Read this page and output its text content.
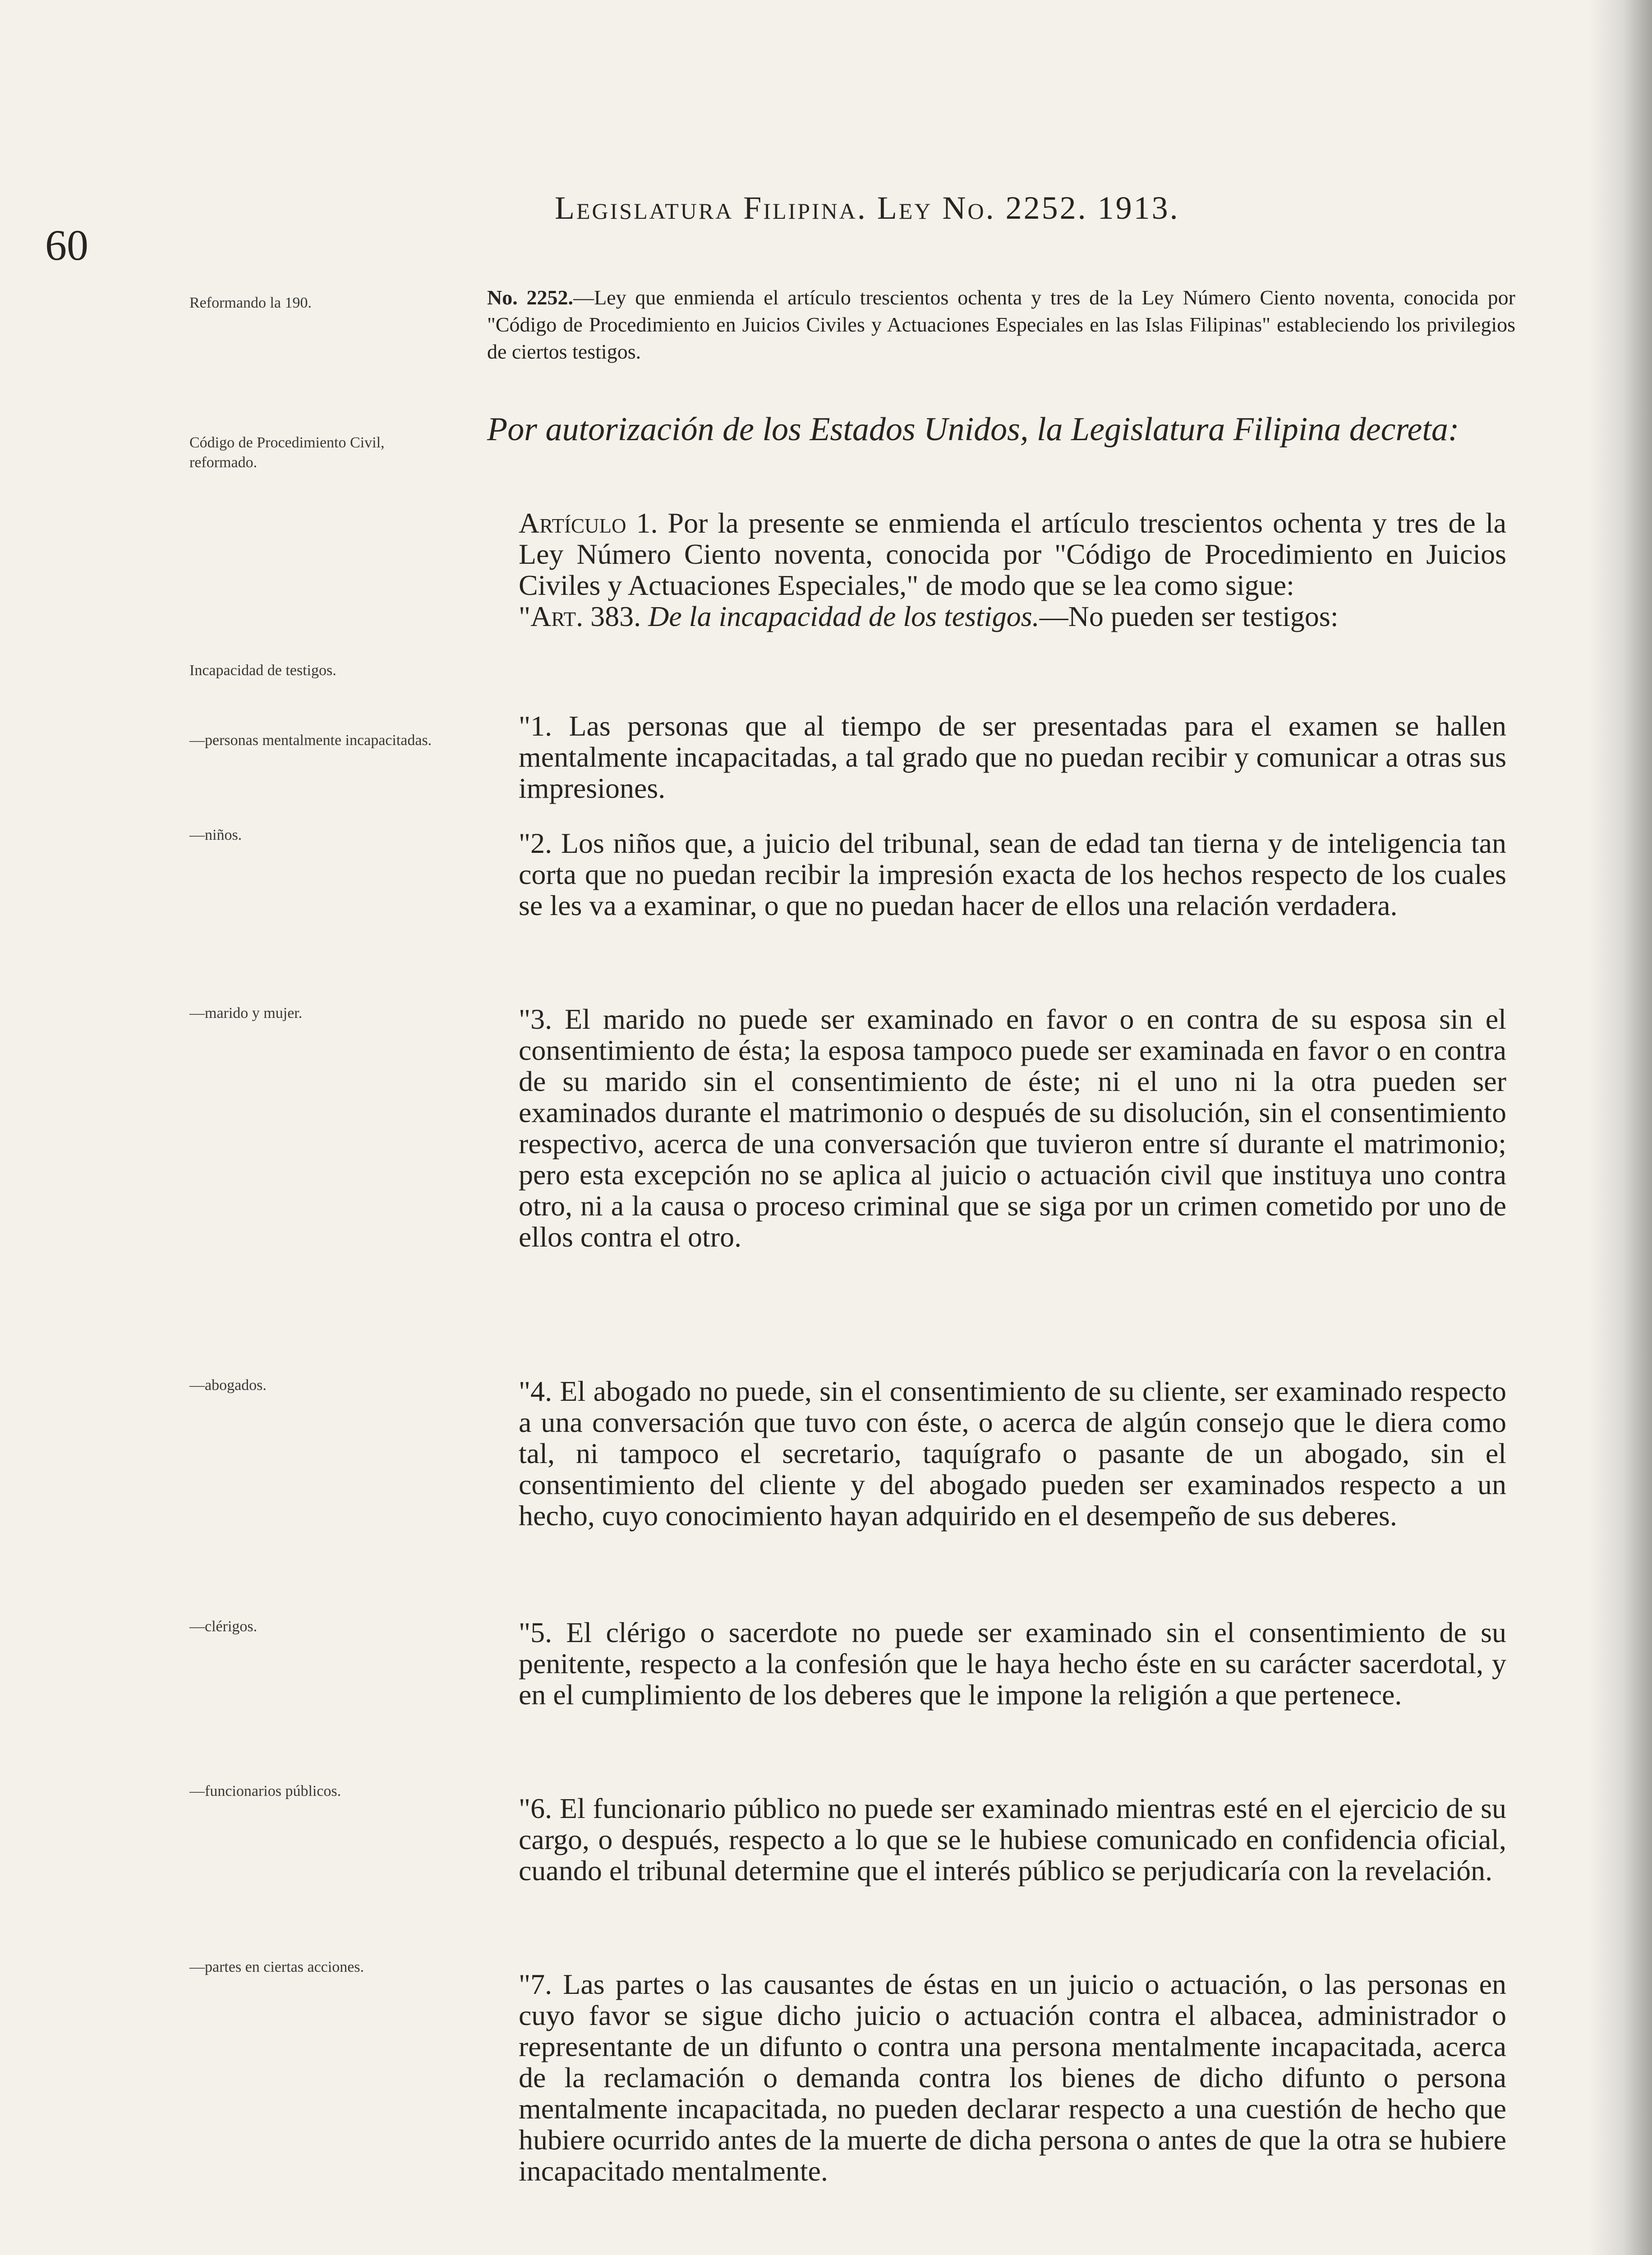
60
Legislatura Filipina. Ley No. 2252. 1913.
Reformando la 190.
Código de Procedimiento Civil, reformado.
Incapacidad de testigos.
—personas mentalmente incapacitadas.
—niños.
—marido y mujer.
—abogados.
—clérigos.
—funcionarios públicos.
—partes en ciertas acciones.
No. 2252.—Ley que enmienda el artículo trescientos ochenta y tres de la Ley Número Ciento noventa, conocida por "Código de Procedimiento en Juicios Civiles y Actuaciones Especiales en las Islas Filipinas" estableciendo los privilegios de ciertos testigos.
Por autorización de los Estados Unidos, la Legislatura Filipina decreta:
Artículo 1. Por la presente se enmienda el artículo trescientos ochenta y tres de la Ley Número Ciento noventa, conocida por "Código de Procedimiento en Juicios Civiles y Actuaciones Especiales," de modo que se lea como sigue:
"Art. 383. De la incapacidad de los testigos.—No pueden ser testigos:
"1. Las personas que al tiempo de ser presentadas para el examen se hallen mentalmente incapacitadas, a tal grado que no puedan recibir y comunicar a otras sus impresiones.
"2. Los niños que, a juicio del tribunal, sean de edad tan tierna y de inteligencia tan corta que no puedan recibir la impresión exacta de los hechos respecto de los cuales se les va a examinar, o que no puedan hacer de ellos una relación verdadera.
"3. El marido no puede ser examinado en favor o en contra de su esposa sin el consentimiento de ésta; la esposa tampoco puede ser examinada en favor o en contra de su marido sin el consentimiento de éste; ni el uno ni la otra pueden ser examinados durante el matrimonio o después de su disolución, sin el consentimiento respectivo, acerca de una conversación que tuvieron entre sí durante el matrimonio; pero esta excepción no se aplica al juicio o actuación civil que instituya uno contra otro, ni a la causa o proceso criminal que se siga por un crimen cometido por uno de ellos contra el otro.
"4. El abogado no puede, sin el consentimiento de su cliente, ser examinado respecto a una conversación que tuvo con éste, o acerca de algún consejo que le diera como tal, ni tampoco el secretario, taquígrafo o pasante de un abogado, sin el consentimiento del cliente y del abogado pueden ser examinados respecto a un hecho, cuyo conocimiento hayan adquirido en el desempeño de sus deberes.
"5. El clérigo o sacerdote no puede ser examinado sin el consentimiento de su penitente, respecto a la confesión que le haya hecho éste en su carácter sacerdotal, y en el cumplimiento de los deberes que le impone la religión a que pertenece.
"6. El funcionario público no puede ser examinado mientras esté en el ejercicio de su cargo, o después, respecto a lo que se le hubiese comunicado en confidencia oficial, cuando el tribunal determine que el interés público se perjudicaría con la revelación.
"7. Las partes o las causantes de éstas en un juicio o actuación, o las personas en cuyo favor se sigue dicho juicio o actuación contra el albacea, administrador o representante de un difunto o contra una persona mentalmente incapacitada, acerca de la reclamación o demanda contra los bienes de dicho difunto o persona mentalmente incapacitada, no pueden declarar respecto a una cuestión de hecho que hubiere ocurrido antes de la muerte de dicha persona o antes de que la otra se hubiere incapacitado mentalmente.
